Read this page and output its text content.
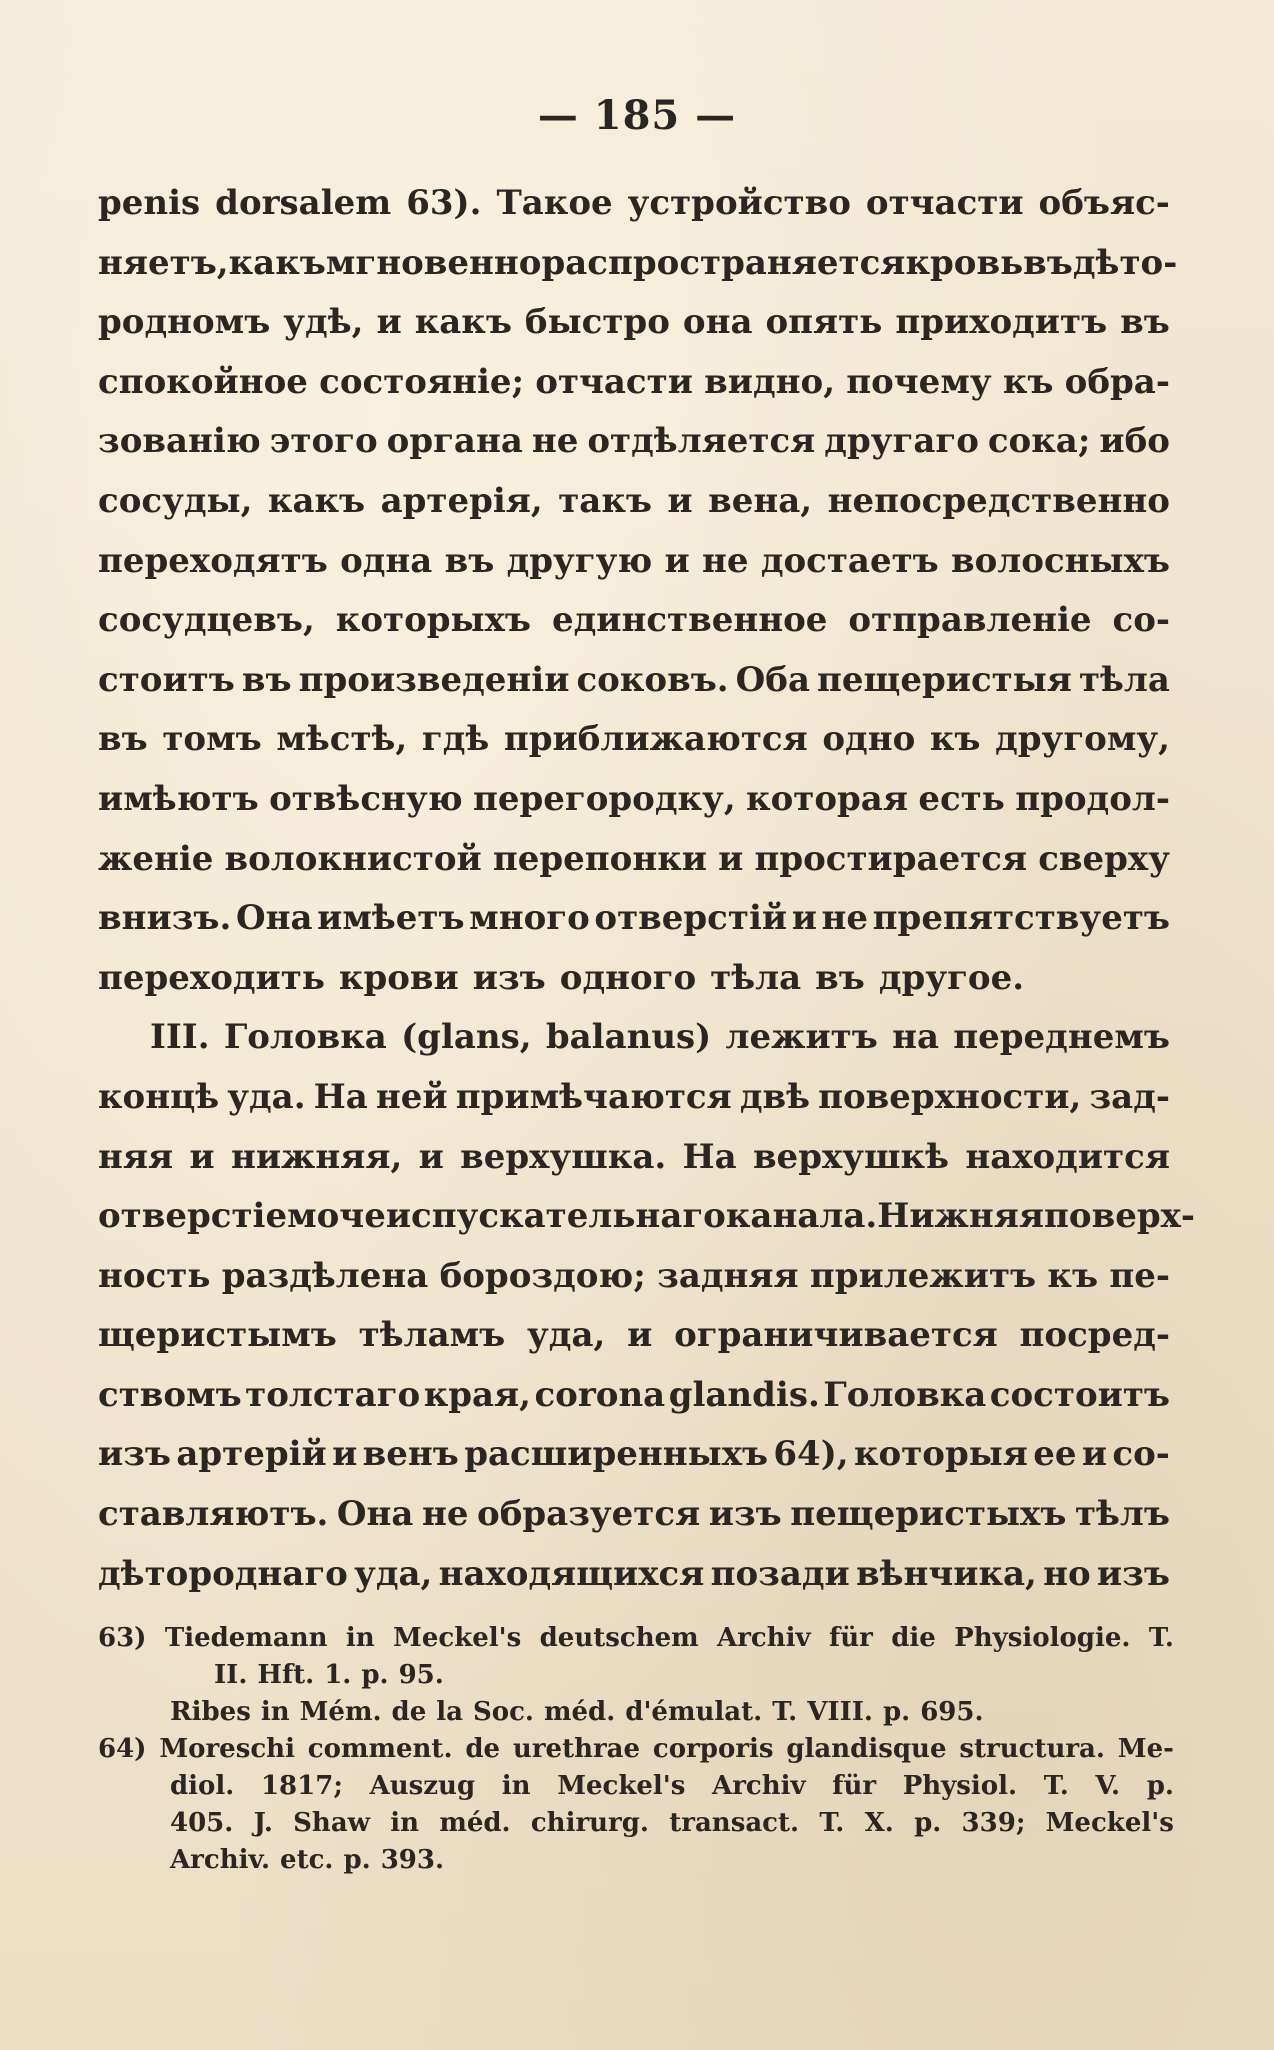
— 185 —
penis dorsalem 63). Такое устройство отчасти объяс-
няетъ, какъ мгновенно распространяется кровь въ дѣто-
родномъ удѣ, и какъ быстро она опять приходитъ въ
спокойное состояніе; отчасти видно, почему къ обра-
зованію этого органа не отдѣляется другаго сока; ибо
сосуды, какъ артерія, такъ и вена, непосредственно
переходятъ одна въ другую и не достаетъ волосныхъ
сосудцевъ, которыхъ единственное отправленіе со-
стоитъ въ произведеніи соковъ. Оба пещеристыя тѣла
въ томъ мѣстѣ, гдѣ приближаются одно къ другому,
имѣютъ отвѣсную перегородку, которая есть продол-
женіе волокнистой перепонки и простирается сверху
внизъ. Она имѣетъ много отверстій и не препятствуетъ
переходить крови изъ одного тѣла въ другое.
III. Головка (glans, balanus) лежитъ на переднемъ
концѣ уда. На ней примѣчаются двѣ поверхности, зад-
няя и нижняя, и верхушка. На верхушкѣ находится
отверстіе мочеиспускательнаго канала. Нижняя поверх-
ность раздѣлена бороздою; задняя прилежитъ къ пе-
щеристымъ тѣламъ уда, и ограничивается посред-
ствомъ толстаго края, corona glandis. Головка состоитъ
изъ артерій и венъ расширенныхъ 64), которыя ее и со-
ставляютъ. Она не образуется изъ пещеристыхъ тѣлъ
дѣтороднаго уда, находящихся позади вѣнчика, но изъ
63) Tiedemann in Meckel's deutschem Archiv für die Physiologie. T.
II. Hft. 1. p. 95.
Ribes in Mém. de la Soc. méd. d'émulat. T. VIII. p. 695.
64) Moreschi comment. de urethrae corporis glandisque structura. Me-
diol. 1817; Auszug in Meckel's Archiv für Physiol. T. V. p.
405. J. Shaw in méd. chirurg. transact. T. X. p. 339; Meckel's
Archiv. etc. p. 393.
